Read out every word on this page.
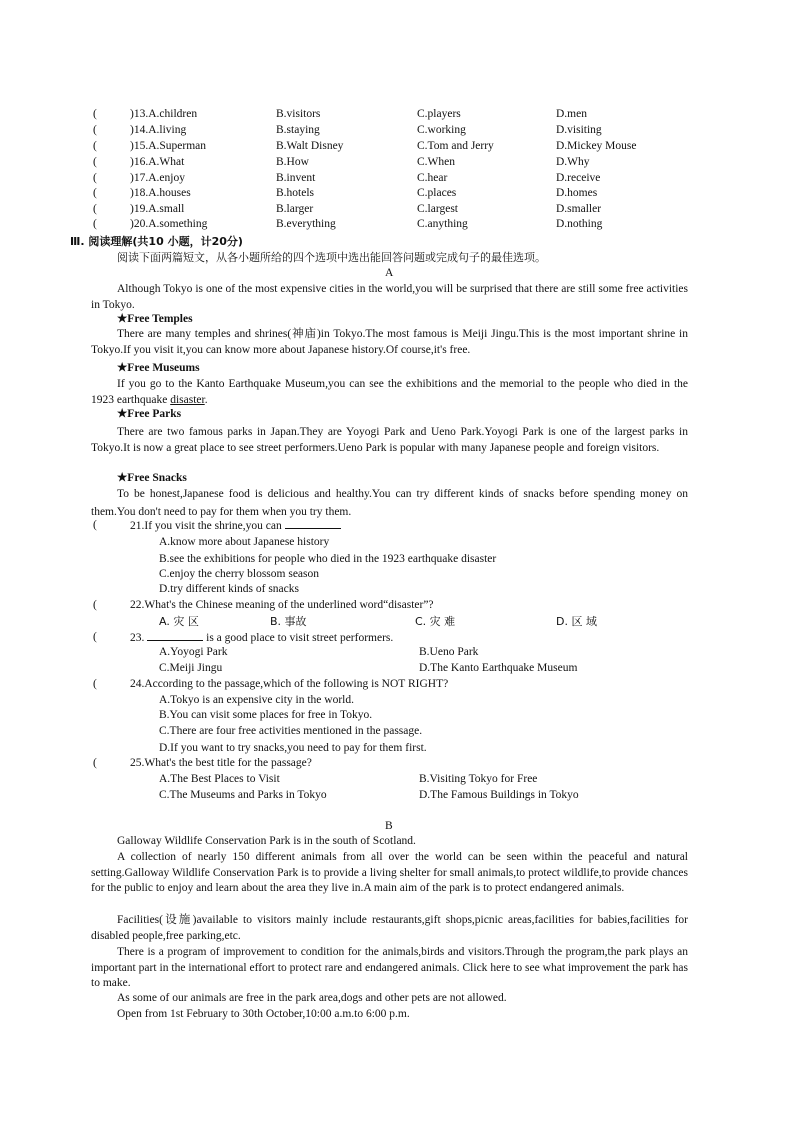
(	)13.A.children	B.visitors	C.players	D.men
(	)14.A.living	B.staying	C.working	D.visiting
(	)15.A.Superman	B.Walt Disney	C.Tom and Jerry	D.Mickey Mouse
(	)16.A.What	B.How	C.When	D.Why
(	)17.A.enjoy	B.invent	C.hear	D.receive
(	)18.A.houses	B.hotels	C.places	D.homes
(	)19.A.small	B.larger	C.largest	D.smaller
(	)20.A.something	B.everything	C.anything	D.nothing
Ⅲ. 阅读理解(共10 小题，计20分)
阅读下面两篇短文，从各小题所给的四个选项中选出能回答问题或完成句子的最佳选项。
A
Although Tokyo is one of the most expensive cities in the world,you will be surprised that there are still some free activities in Tokyo.
★Free Temples
There are many temples and shrines(神庙)in Tokyo.The most famous is Meiji Jingu.This is the most important shrine in Tokyo.If you visit it,you can know more about Japanese history.Of course,it's free.
★Free Museums
If you go to the Kanto Earthquake Museum,you can see the exhibitions and the memorial to the people who died in the 1923 earthquake disaster.
★Free Parks
There are two famous parks in Japan.They are Yoyogi Park and Ueno Park.Yoyogi Park is one of the largest parks in Tokyo.It is now a great place to see street performers.Ueno Park is popular with many Japanese people and foreign visitors.
★Free Snacks
To be honest,Japanese food is delicious and healthy.You can try different kinds of snacks before spending money on them.You don't need to pay for them when you try them.
(	21.If you visit the shrine,you can
A.know more about Japanese history
B.see the exhibitions for people who died in the 1923 earthquake disaster
C.enjoy the cherry blossom season
D.try different kinds of snacks
(	22.What's the Chinese meaning of the underlined word“disaster”?
A. 灾 区	B. 事故	C. 灾 难	D. 区 域
(	23.	is a good place to visit street performers.
A.Yoyogi Park	B.Ueno Park
C.Meiji Jingu	D.The Kanto Earthquake Museum
(	24.According to the passage,which of the following is NOT RIGHT?
A.Tokyo is an expensive city in the world.
B.You can visit some places for free in Tokyo.
C.There are four free activities mentioned in the passage.
D.If you want to try snacks,you need to pay for them first.
(	25.What's the best title for the passage?
A.The Best Places to Visit	B.Visiting Tokyo for Free
C.The Museums and Parks in Tokyo	D.The Famous Buildings in Tokyo
B
Galloway Wildlife Conservation Park is in the south of Scotland.
A collection of nearly 150 different animals from all over the world can be seen within the peaceful and natural setting.Galloway Wildlife Conservation Park is to provide a living shelter for small animals,to protect wildlife,to provide chances for the public to enjoy and learn about the area they live in.A main aim of the park is to protect endangered animals.
Facilities(设施)available to visitors mainly include restaurants,gift shops,picnic areas,facilities for babies,facilities for disabled people,free parking,etc.
There is a program of improvement to condition for the animals,birds and visitors.Through the program,the park plays an important part in the international effort to protect rare and endangered animals. Click here to see what improvement the park has to make.
As some of our animals are free in the park area,dogs and other pets are not allowed.
Open from 1st February to 30th October,10:00 a.m.to 6:00 p.m.
